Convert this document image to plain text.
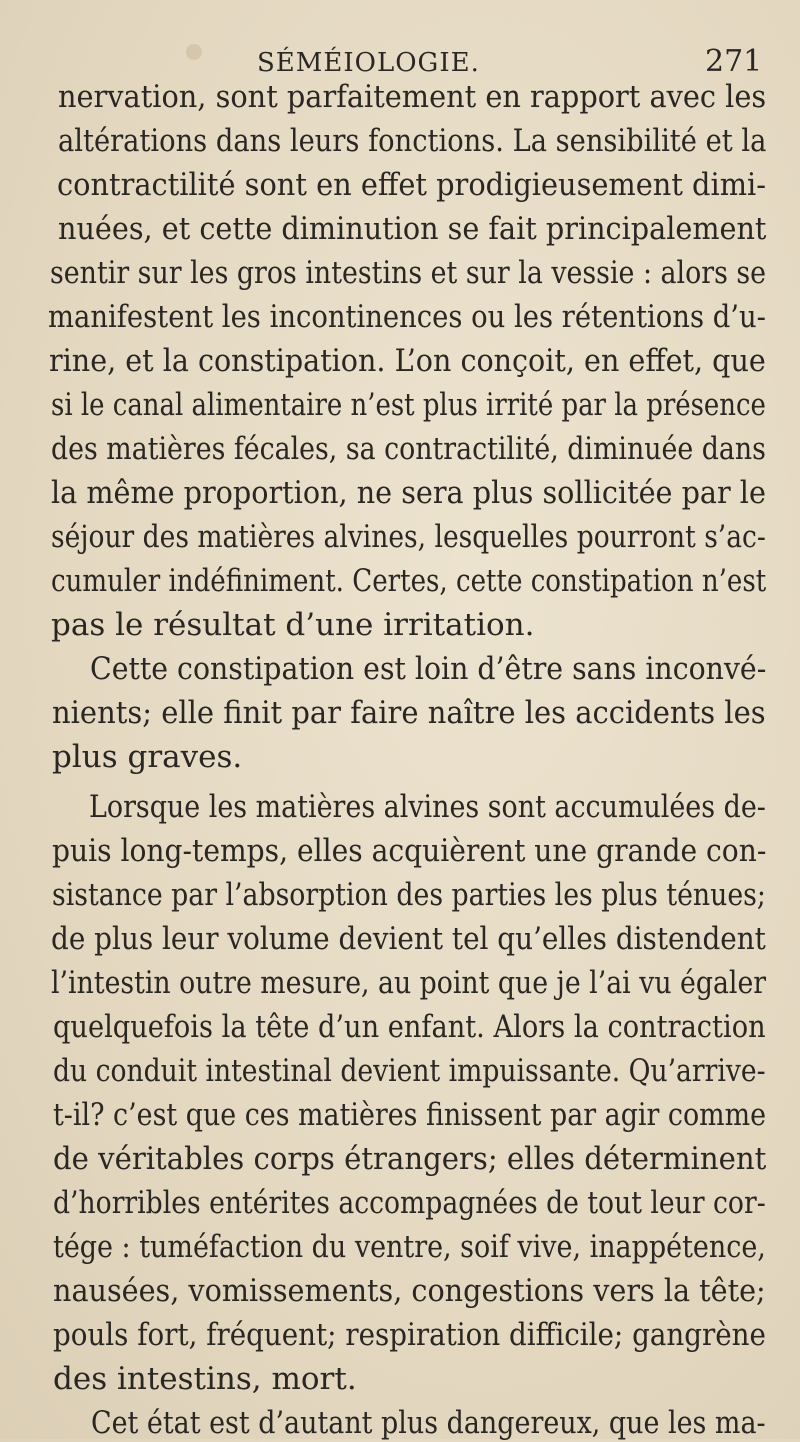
SÉMÉIOLOGIE.	271
nervation, sont parfaitement en rapport avec les
altérations dans leurs fonctions. La sensibilité et la
contractilité sont en effet prodigieusement dimi-
nuées, et cette diminution se fait principalement
sentir sur les gros intestins et sur la vessie : alors se
manifestent les incontinences ou les rétentions d’u-
rine, et la constipation. L’on conçoit, en effet, que
si le canal alimentaire n’est plus irrité par la présence
des matières fécales, sa contractilité, diminuée dans
la même proportion, ne sera plus sollicitée par le
séjour des matières alvines, lesquelles pourront s’ac-
cumuler indéfiniment. Certes, cette constipation n’est
pas le résultat d’une irritation.
Cette constipation est loin d’être sans inconvé-
nients; elle finit par faire naître les accidents les
plus graves.
Lorsque les matières alvines sont accumulées de-
puis long-temps, elles acquièrent une grande con-
sistance par l’absorption des parties les plus ténues;
de plus leur volume devient tel qu’elles distendent
l’intestin outre mesure, au point que je l’ai vu égaler
quelquefois la tête d’un enfant. Alors la contraction
du conduit intestinal devient impuissante. Qu’arrive-
t-il? c’est que ces matières finissent par agir comme
de véritables corps étrangers; elles déterminent
d’horribles entérites accompagnées de tout leur cor-
tége : tuméfaction du ventre, soif vive, inappétence,
nausées, vomissements, congestions vers la tête;
pouls fort, fréquent; respiration difficile; gangrène
des intestins, mort.
Cet état est d’autant plus dangereux, que les ma-
